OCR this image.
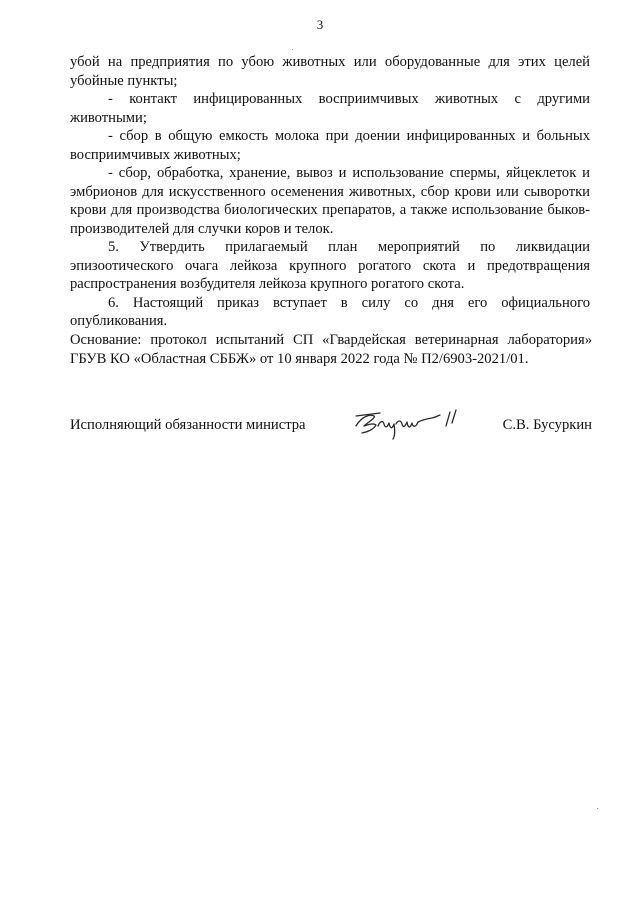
3

убой на предприятия по убою животных или оборудованные для этих целей убойные пункты;

- контакт инфицированных восприимчивых животных с другими животными;

- сбор в общую емкость молока при доении инфицированных и больных восприимчивых животных;

- сбор, обработка, хранение, вывоз и использование спермы, яйцеклеток и эмбрионов для искусственного осеменения животных, сбор крови или сыворотки крови для производства биологических препаратов, а также использование быков-производителей для случки коров и телок.

5. Утвердить прилагаемый план мероприятий по ликвидации эпизоотического очага лейкоза крупного рогатого скота и предотвращения распространения возбудителя лейкоза крупного рогатого скота.

6. Настоящий приказ вступает в силу со дня его официального опубликования.

Основание: протокол испытаний СП «Гвардейская ветеринарная лаборатория» ГБУВ КО «Областная СББЖ» от 10 января 2022 года № П2/6903-2021/01.

Исполняющий обязанности министра	С.В. Бусуркин
